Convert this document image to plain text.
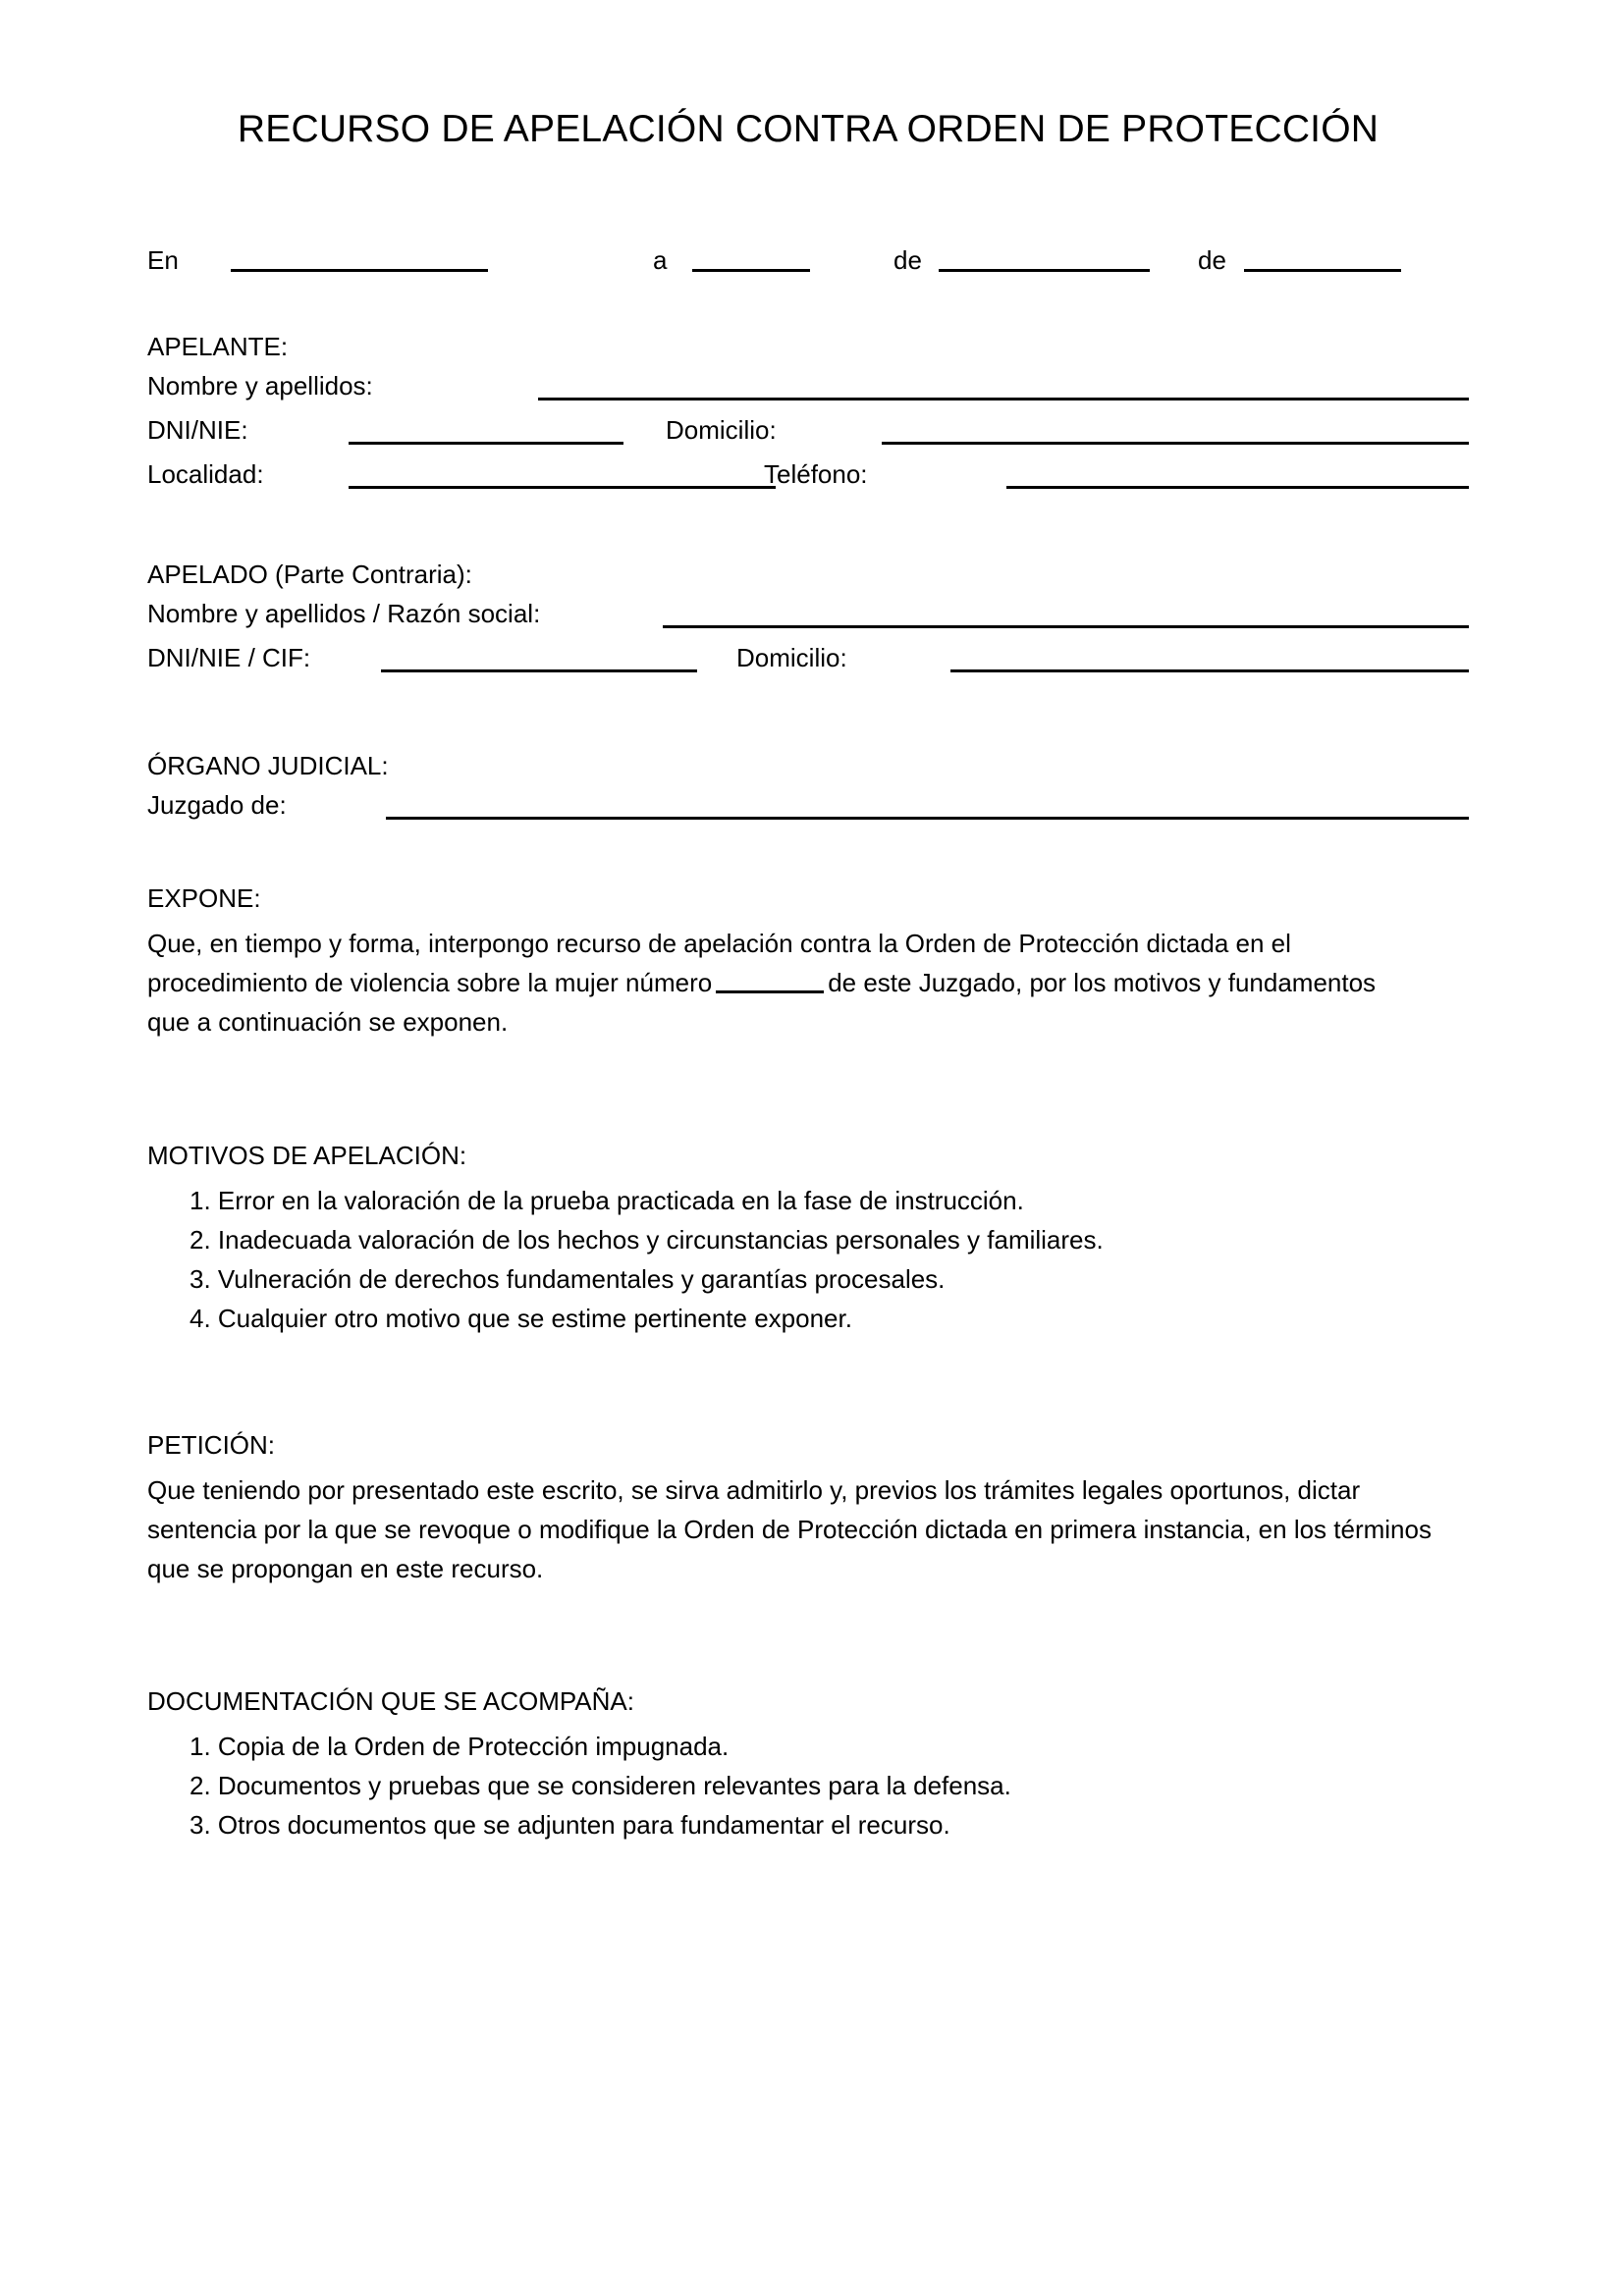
RECURSO DE APELACIÓN CONTRA ORDEN DE PROTECCIÓN
En	a	de	de
APELANTE:
Nombre y apellidos:
DNI/NIE:	Domicilio:
Localidad:	Teléfono:
APELADO (Parte Contraria):
Nombre y apellidos / Razón social:
DNI/NIE / CIF:	Domicilio:
ÓRGANO JUDICIAL:
Juzgado de:
EXPONE:

Que, en tiempo y forma, interpongo recurso de apelación contra la Orden de Protección dictada en el procedimiento de violencia sobre la mujer número	de este Juzgado, por los motivos y fundamentos que a continuación se exponen.

MOTIVOS DE APELACIÓN:
1. Error en la valoración de la prueba practicada en la fase de instrucción.
2. Inadecuada valoración de los hechos y circunstancias personales y familiares.
3. Vulneración de derechos fundamentales y garantías procesales.
4. Cualquier otro motivo que se estime pertinente exponer.
PETICIÓN:

Que teniendo por presentado este escrito, se sirva admitirlo y, previos los trámites legales oportunos, dictar sentencia por la que se revoque o modifique la Orden de Protección dictada en primera instancia, en los términos que se propongan en este recurso.

DOCUMENTACIÓN QUE SE ACOMPAÑA:
1. Copia de la Orden de Protección impugnada.
2. Documentos y pruebas que se consideren relevantes para la defensa.
3. Otros documentos que se adjunten para fundamentar el recurso.
